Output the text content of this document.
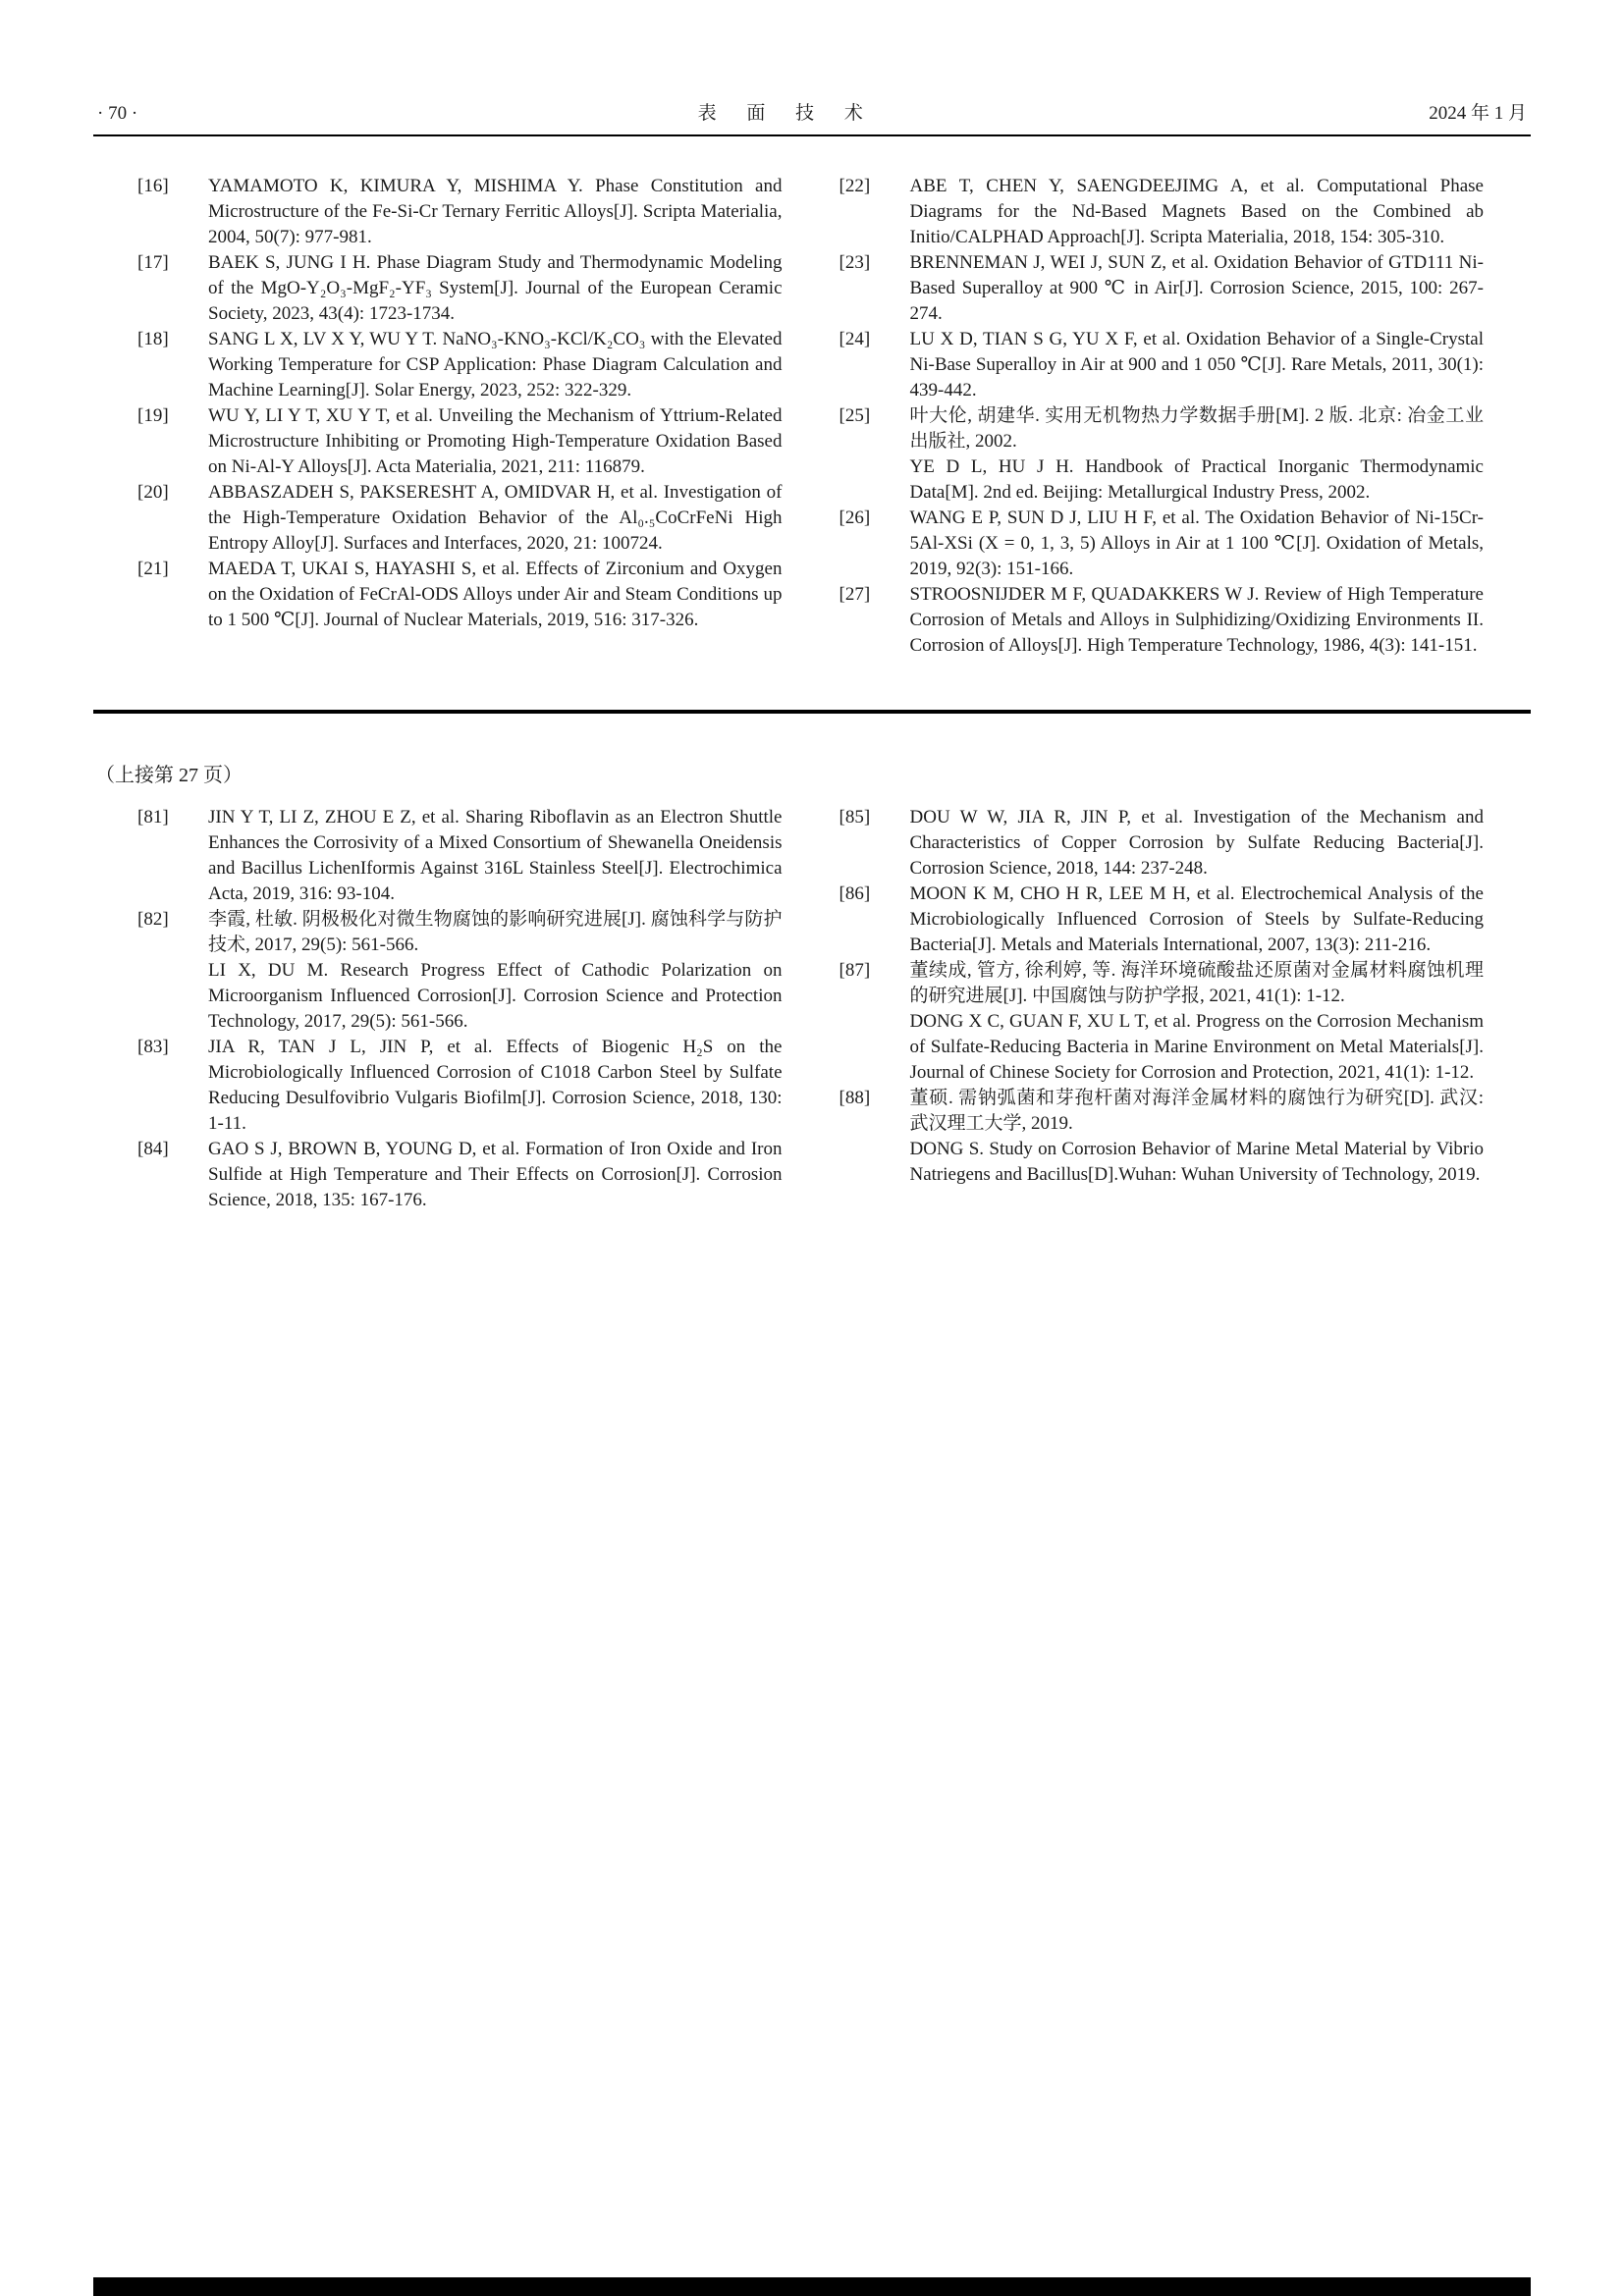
· 70 ·	表 面 技 术	2024 年 1 月
[16] YAMAMOTO K, KIMURA Y, MISHIMA Y. Phase Constitution and Microstructure of the Fe-Si-Cr Ternary Ferritic Alloys[J]. Scripta Materialia, 2004, 50(7): 977-981.

[17] BAEK S, JUNG I H. Phase Diagram Study and Thermodynamic Modeling of the MgO-Y₂O₃-MgF₂-YF₃ System[J]. Journal of the European Ceramic Society, 2023, 43(4): 1723-1734.

[18] SANG L X, LV X Y, WU Y T. NaNO₃-KNO₃-KCl/K₂CO₃ with the Elevated Working Temperature for CSP Application: Phase Diagram Calculation and Machine Learning[J]. Solar Energy, 2023, 252: 322-329.

[19] WU Y, LI Y T, XU Y T, et al. Unveiling the Mechanism of Yttrium-Related Microstructure Inhibiting or Promoting High-Temperature Oxidation Based on Ni-Al-Y Alloys[J]. Acta Materialia, 2021, 211: 116879.

[20] ABBASZADEH S, PAKSERESHT A, OMIDVAR H, et al. Investigation of the High-Temperature Oxidation Behavior of the Al₀.₅CoCrFeNi High Entropy Alloy[J]. Surfaces and Interfaces, 2020, 21: 100724.

[21] MAEDA T, UKAI S, HAYASHI S, et al. Effects of Zirconium and Oxygen on the Oxidation of FeCrAl-ODS Alloys under Air and Steam Conditions up to 1 500 ℃[J]. Journal of Nuclear Materials, 2019, 516: 317-326.

[22] ABE T, CHEN Y, SAENGDEEJIMG A, et al. Computational Phase Diagrams for the Nd-Based Magnets Based on the Combined ab Initio/CALPHAD Approach[J]. Scripta Materialia, 2018, 154: 305-310.

[23] BRENNEMAN J, WEI J, SUN Z, et al. Oxidation Behavior of GTD111 Ni-Based Superalloy at 900 ℃ in Air[J]. Corrosion Science, 2015, 100: 267-274.

[24] LU X D, TIAN S G, YU X F, et al. Oxidation Behavior of a Single-Crystal Ni-Base Superalloy in Air at 900 and 1 050 ℃[J]. Rare Metals, 2011, 30(1): 439-442.

[25] 叶大伦, 胡建华. 实用无机物热力学数据手册[M]. 2 版. 北京: 冶金工业出版社, 2002.

YE D L, HU J H. Handbook of Practical Inorganic Thermodynamic Data[M]. 2nd ed. Beijing: Metallurgical Industry Press, 2002.

[26] WANG E P, SUN D J, LIU H F, et al. The Oxidation Behavior of Ni-15Cr-5Al-XSi (X = 0, 1, 3, 5) Alloys in Air at 1 100 ℃[J]. Oxidation of Metals, 2019, 92(3): 151-166.

[27] STROOSNIJDER M F, QUADAKKERS W J. Review of High Temperature Corrosion of Metals and Alloys in Sulphidizing/Oxidizing Environments II. Corrosion of Alloys[J]. High Temperature Technology, 1986, 4(3): 141-151.

（上接第 27 页）
[81] JIN Y T, LI Z, ZHOU E Z, et al. Sharing Riboflavin as an Electron Shuttle Enhances the Corrosivity of a Mixed Consortium of Shewanella Oneidensis and Bacillus LichenIformis Against 316L Stainless Steel[J]. Electrochimica Acta, 2019, 316: 93-104.

[82] 李霞, 杜敏. 阴极极化对微生物腐蚀的影响研究进展[J]. 腐蚀科学与防护技术, 2017, 29(5): 561-566.

LI X, DU M. Research Progress Effect of Cathodic Polarization on Microorganism Influenced Corrosion[J]. Corrosion Science and Protection Technology, 2017, 29(5): 561-566.

[83] JIA R, TAN J L, JIN P, et al. Effects of Biogenic H₂S on the Microbiologically Influenced Corrosion of C1018 Carbon Steel by Sulfate Reducing Desulfovibrio Vulgaris Biofilm[J]. Corrosion Science, 2018, 130: 1-11.

[84] GAO S J, BROWN B, YOUNG D, et al. Formation of Iron Oxide and Iron Sulfide at High Temperature and Their Effects on Corrosion[J]. Corrosion Science, 2018, 135: 167-176.

[85] DOU W W, JIA R, JIN P, et al. Investigation of the Mechanism and Characteristics of Copper Corrosion by Sulfate Reducing Bacteria[J]. Corrosion Science, 2018, 144: 237-248.

[86] MOON K M, CHO H R, LEE M H, et al. Electrochemical Analysis of the Microbiologically Influenced Corrosion of Steels by Sulfate-Reducing Bacteria[J]. Metals and Materials International, 2007, 13(3): 211-216.

[87] 董续成, 管方, 徐利婷, 等. 海洋环境硫酸盐还原菌对金属材料腐蚀机理的研究进展[J]. 中国腐蚀与防护学报, 2021, 41(1): 1-12.

DONG X C, GUAN F, XU L T, et al. Progress on the Corrosion Mechanism of Sulfate-Reducing Bacteria in Marine Environment on Metal Materials[J]. Journal of Chinese Society for Corrosion and Protection, 2021, 41(1): 1-12.

[88] 董硕. 需钠弧菌和芽孢杆菌对海洋金属材料的腐蚀行为研究[D]. 武汉: 武汉理工大学, 2019.

DONG S. Study on Corrosion Behavior of Marine Metal Material by Vibrio Natriegens and Bacillus[D].Wuhan: Wuhan University of Technology, 2019.
